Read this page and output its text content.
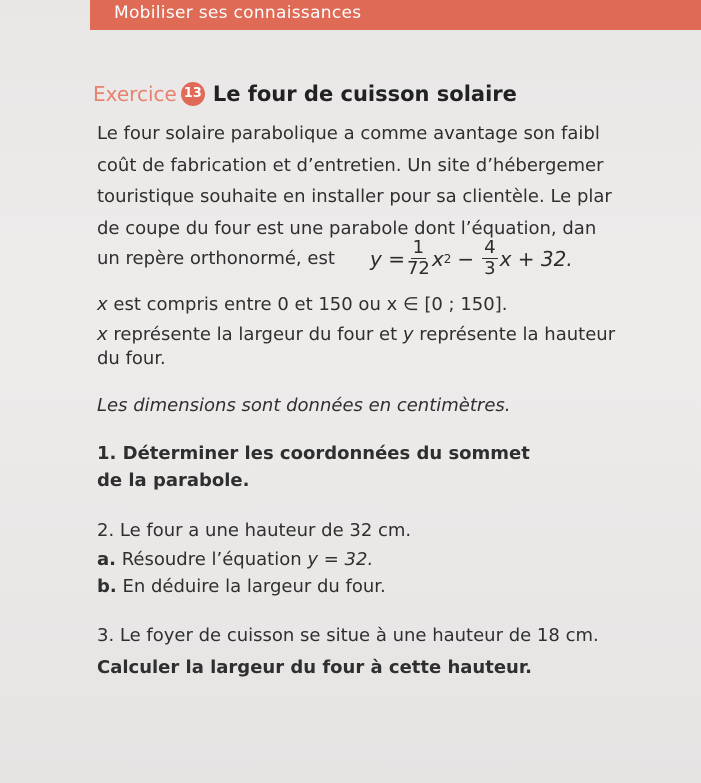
Mobiliser ses connaissances
Exercice 13 Le four de cuisson solaire
Le four solaire parabolique a comme avantage son faibl
coût de fabrication et d’entretien. Un site d’hébergemer
touristique souhaite en installer pour sa clientèle. Le plar
de coupe du four est une parabole dont l’équation, dan
un repère orthonormé, est $y = \frac{1}{72}$ x $2 - \frac{4}{3}$ x + 32.
x est compris entre 0 et 150 ou x ∈ [0 ; 150].
x représente la largeur du four et y représente la hauteur
du four.
Les dimensions sont données en centimètres.
1. Déterminer les coordonnées du sommet
de la parabole.
2. Le four a une hauteur de 32 cm.
a. Résoudre l’équation y = 32.
b. En déduire la largeur du four.
3. Le foyer de cuisson se situe à une hauteur de 18 cm.
Calculer la largeur du four à cette hauteur.
